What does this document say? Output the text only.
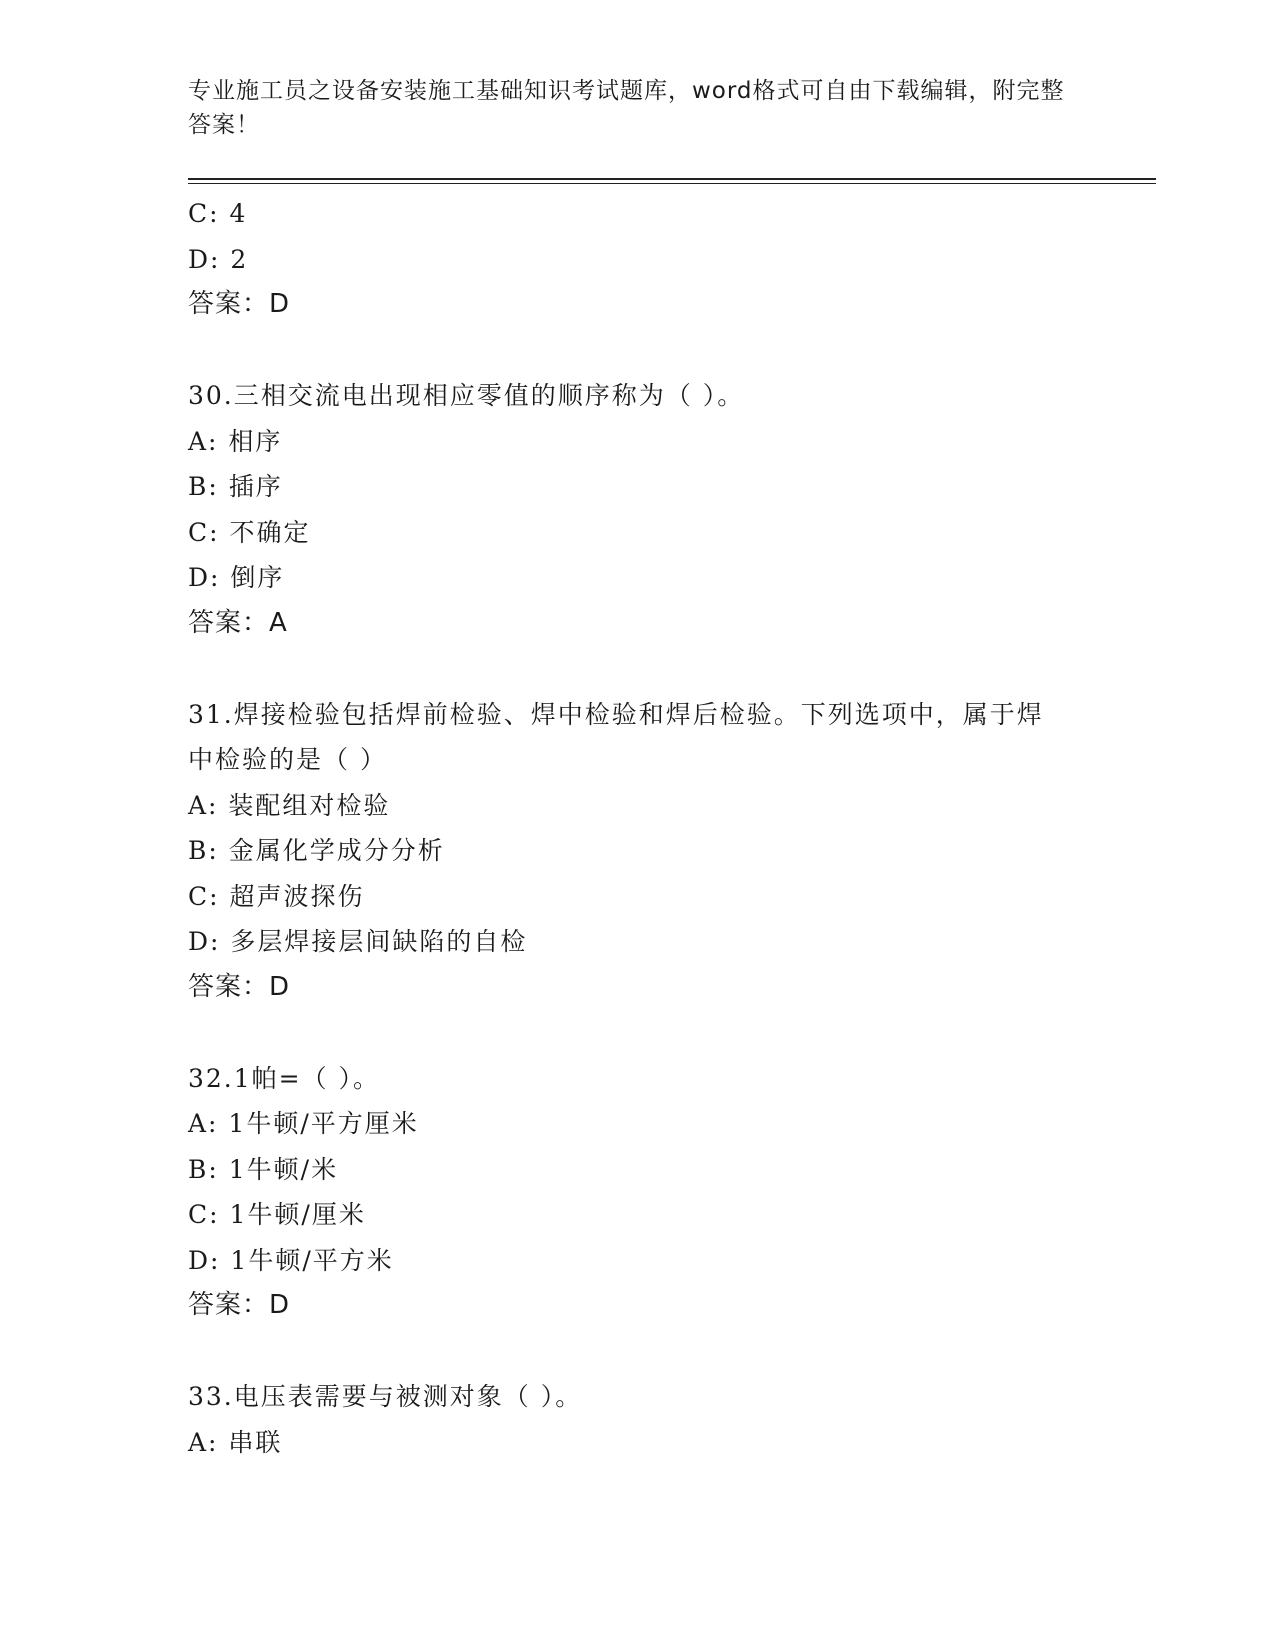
专业施工员之设备安装施工基础知识考试题库，word格式可自由下载编辑，附完整答案！
C: 4
D: 2
答案：D
30.三相交流电出现相应零值的顺序称为（ ）。
A: 相序
B: 插序
C: 不确定
D: 倒序
答案：A
31.焊接检验包括焊前检验、焊中检验和焊后检验。下列选项中，属于焊中检验的是（ ）
A: 装配组对检验
B: 金属化学成分分析
C: 超声波探伤
D: 多层焊接层间缺陷的自检
答案：D
32.1帕=（ ）。
A: 1牛顿/平方厘米
B: 1牛顿/米
C: 1牛顿/厘米
D: 1牛顿/平方米
答案：D
33.电压表需要与被测对象（ ）。
A: 串联
